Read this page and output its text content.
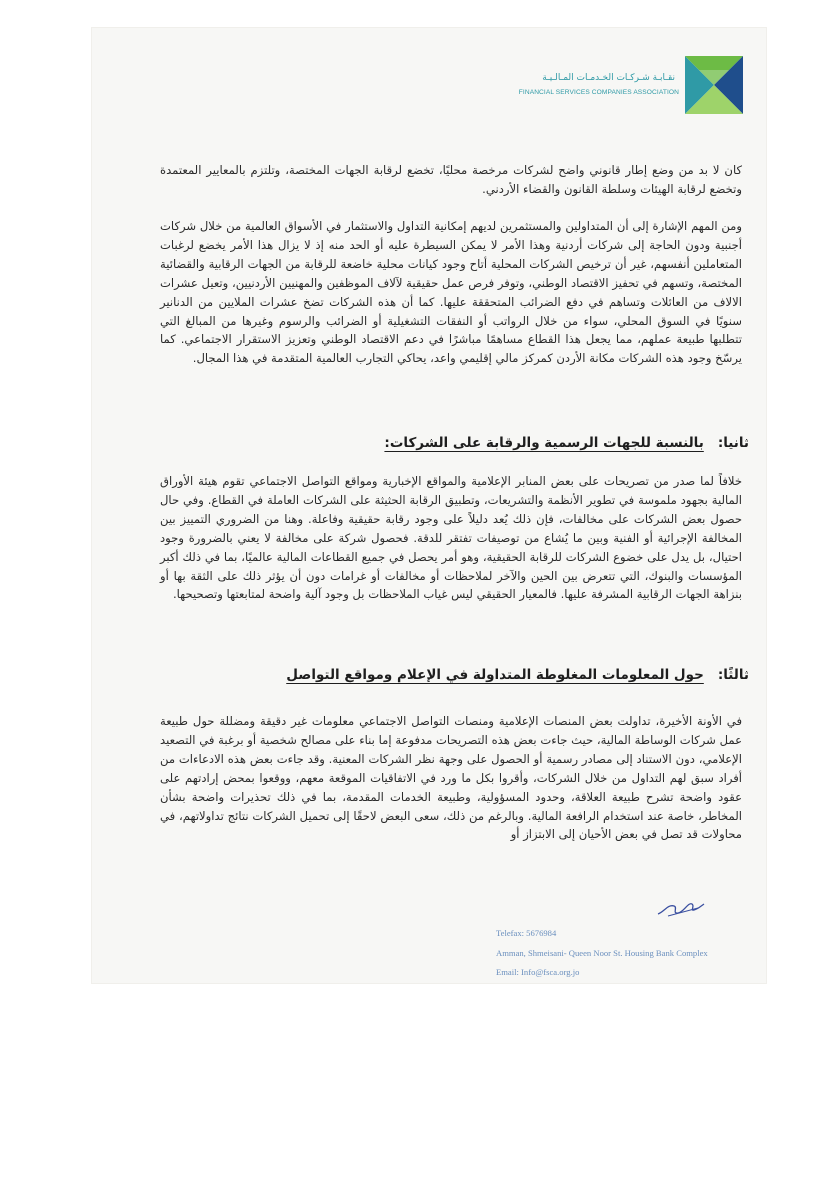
نقـابـة شـركـات الخـدمـات المـالـيـة
FINANCIAL SERVICES COMPANIES ASSOCIATION

كان لا بد من وضع إطار قانوني واضح لشركات مرخصة محليًا، تخضع لرقابة الجهات المختصة، وتلتزم بالمعايير المعتمدة وتخضع لرقابة الهيئات وسلطة القانون والقضاء الأردني.

ومن المهم الإشارة إلى أن المتداولين والمستثمرين لديهم إمكانية التداول والاستثمار في الأسواق العالمية من خلال شركات أجنبية ودون الحاجة إلى شركات أردنية وهذا الأمر لا يمكن السيطرة عليه أو الحد منه إذ لا يزال هذا الأمر يخضع لرغبات المتعاملين أنفسهم، غير أن ترخيص الشركات المحلية أتاح وجود كيانات محلية خاضعة للرقابة من الجهات الرقابية والقضائية المختصة، وتسهم في تحفيز الاقتصاد الوطني، وتوفر فرص عمل حقيقية لآلاف الموظفين والمهنيين الأردنيين، وتعيل عشرات الالاف من العائلات وتساهم في دفع الضرائب المتحققة عليها. كما أن هذه الشركات تضخ عشرات الملايين من الدنانير سنويًا في السوق المحلي، سواء من خلال الرواتب أو النفقات التشغيلية أو الضرائب والرسوم وغيرها من المبالغ التي تتطلبها طبيعة عملهم، مما يجعل هذا القطاع مساهمًا مباشرًا في دعم الاقتصاد الوطني وتعزيز الاستقرار الاجتماعي. كما يرسّخ وجود هذه الشركات مكانة الأردن كمركز مالي إقليمي واعد، يحاكي التجارب العالمية المتقدمة في هذا المجال.

ثانيا:بالنسبة للجهات الرسمية والرقابة على الشركات:

خلافاً لما صدر من تصريحات على بعض المنابر الإعلامية والمواقع الإخبارية ومواقع التواصل الاجتماعي تقوم هيئة الأوراق المالية بجهود ملموسة في تطوير الأنظمة والتشريعات، وتطبيق الرقابة الحثيثة على الشركات العاملة في القطاع. وفي حال حصول بعض الشركات على مخالفات، فإن ذلك يُعد دليلاً على وجود رقابة حقيقية وفاعلة. وهنا من الضروري التمييز بين المخالفة الإجرائية أو الفنية وبين ما يُشاع من توصيفات تفتقر للدقة. فحصول شركة على مخالفة لا يعني بالضرورة وجود احتيال، بل يدل على خضوع الشركات للرقابة الحقيقية، وهو أمر يحصل في جميع القطاعات المالية عالميًا، بما في ذلك أكبر المؤسسات والبنوك، التي تتعرض بين الحين والآخر لملاحظات أو مخالفات أو غرامات دون أن يؤثر ذلك على الثقة بها أو بنزاهة الجهات الرقابية المشرفة عليها. فالمعيار الحقيقي ليس غياب الملاحظات بل وجود آلية واضحة لمتابعتها وتصحيحها.

ثالثًا:حول المعلومات المغلوطة المتداولة في الإعلام ومواقع التواصل

في الأونة الأخيرة، تداولت بعض المنصات الإعلامية ومنصات التواصل الاجتماعي معلومات غير دقيقة ومضللة حول طبيعة عمل شركات الوساطة المالية، حيث جاءت بعض هذه التصريحات مدفوعة إما بناء على مصالح شخصية أو برغبة في التصعيد الإعلامي، دون الاستناد إلى مصادر رسمية أو الحصول على وجهة نظر الشركات المعنية. وقد جاءت بعض هذه الادعاءات من أفراد سبق لهم التداول من خلال الشركات، وأقروا بكل ما ورد في الاتفاقيات الموقعة معهم، ووقعوا بمحض إرادتهم على عقود واضحة تشرح طبيعة العلاقة، وحدود المسؤولية، وطبيعة الخدمات المقدمة، بما في ذلك تحذيرات واضحة بشأن المخاطر، خاصة عند استخدام الرافعة المالية. وبالرغم من ذلك، سعى البعض لاحقًا إلى تحميل الشركات نتائج تداولاتهم، في محاولات قد تصل في بعض الأحيان إلى الابتزاز أو

Telefax: 5676984
Amman, Shmeisani- Queen Noor St. Housing Bank Complex
Email: Info@fsca.org.jo
